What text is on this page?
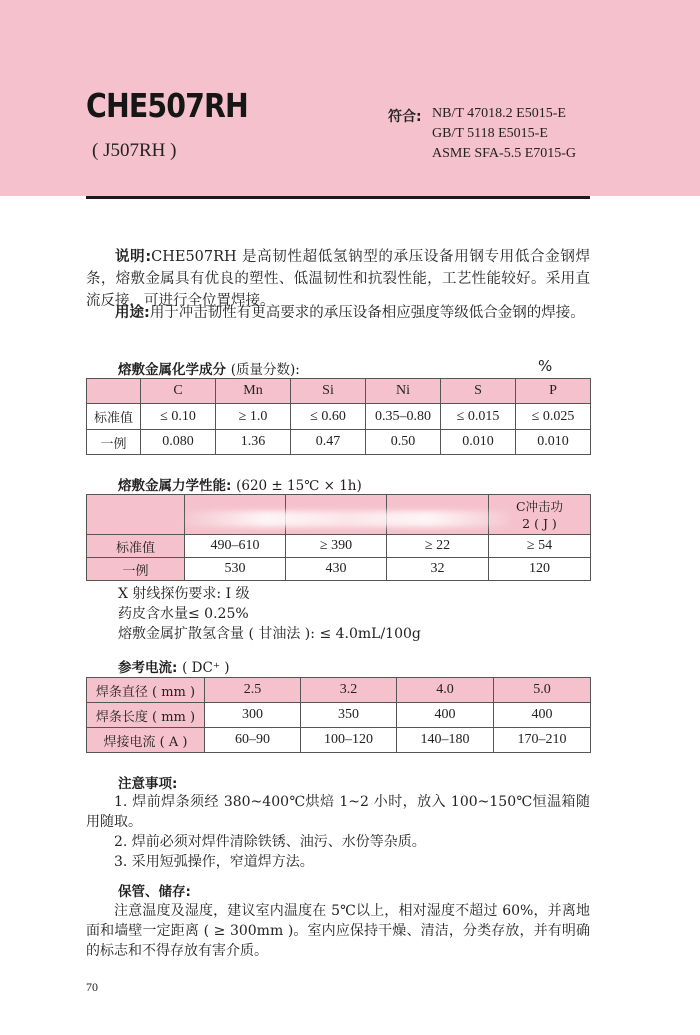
CHE507RH
( J507RH )
符合: NB/T 47018.2 E5015-E
GB/T 5118 E5015-E
ASME SFA-5.5 E7015-G
说明:CHE507RH 是高韧性超低氢钠型的承压设备用钢专用低合金钢焊条，熔敷金属具有优良的塑性、低温韧性和抗裂性能，工艺性能较好。采用直流反接，可进行全位置焊接。
用途:用于冲击韧性有更高要求的承压设备相应强度等级低合金钢的焊接。
熔敷金属化学成分 (质量分数):	%
	C	Mn	Si	Ni	S	P
标准值	≤ 0.10	≥ 1.0	≤ 0.60	0.35–0.80	≤ 0.015	≤ 0.025
一例	0.080	1.36	0.47	0.50	0.010	0.010
熔敷金属力学性能: (620 ± 15℃ × 1h)

				C冲击功
2 ( J )

标准值	490–610	≥ 390	≥ 22	≥ 54
一例	530	430	32	120
X 射线探伤要求: I 级
药皮含水量≤ 0.25%
熔敷金属扩散氢含量 ( 甘油法 ): ≤ 4.0mL/100g
参考电流: ( DC⁺ )
焊条直径 ( mm )	2.5	3.2	4.0	5.0
焊条长度 ( mm )	300	350	400	400
焊接电流 ( A )	60–90	100–120	140–180	170–210
注意事项:
1. 焊前焊条须经 380~400℃烘焙 1~2 小时，放入 100~150℃恒温箱随用随取。
2. 焊前必须对焊件清除铁锈、油污、水份等杂质。
3. 采用短弧操作，窄道焊方法。
保管、储存:
注意温度及湿度，建议室内温度在 5℃以上，相对湿度不超过 60%，并离地面和墙壁一定距离 ( ≥ 300mm )。室内应保持干燥、清洁，分类存放，并有明确的标志和不得存放有害介质。
70
